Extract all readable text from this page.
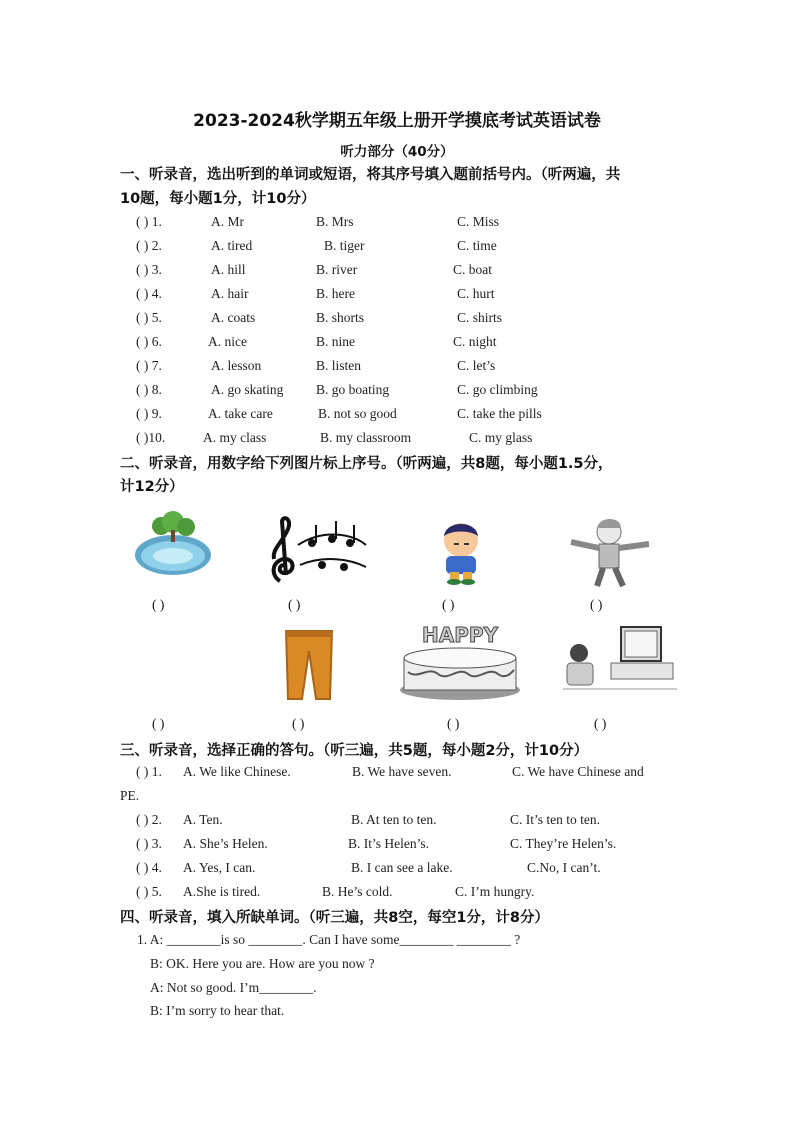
2023-2024秋学期五年级上册开学摸底考试英语试卷
听力部分（40分）
一、听录音，选出听到的单词或短语，将其序号填入题前括号内。（听两遍，共
10题，每小题1分，计10分）
( ) 1.	A. Mr	B. Mrs	C. Miss
( ) 2.	A. tired	B. tiger	C. time
( ) 3.	A. hill	B. river	C. boat
( ) 4.	A. hair	B. here	C. hurt
( ) 5.	A. coats	B. shorts	C. shirts
( ) 6.	A. nice	B. nine	C. night
( ) 7.	A. lesson	B. listen	C. let’s
( ) 8.	A. go skating B. go boating	C. go climbing
( ) 9.	A. take care	B. not so good	C. take the pills
( )10.	A. my class	B. my classroom	C. my glass
二、听录音，用数字给下列图片标上序号。（听两遍，共8题，每小题1.5分，
计12分）
( )	( )	( )	( )
HAPPY
( )	( )	( )	( )
三、听录音，选择正确的答句。（听三遍，共5题，每小题2分，计10分）
( ) 1. A. We like Chinese.	B. We have seven.	C. We have Chinese and
( ) 2. A. Ten.	B. At ten to ten.	C. It’s ten to ten.
( ) 3. A. She’s Helen.	B. It’s Helen’s.	C. They’re Helen’s.
( ) 4. A. Yes, I can.	B. I can see a lake.	C.No, I can’t.
( ) 5. A.She is tired.	B. He’s cold.	C. I’m hungry.
PE.
四、听录音，填入所缺单词。（听三遍，共8空，每空1分，计8分）
1. A: ________is so ________. Can I have some________ ________ ?
B: OK. Here you are. How are you now ?
A: Not so good. I’m________.
B: I’m sorry to hear that.
